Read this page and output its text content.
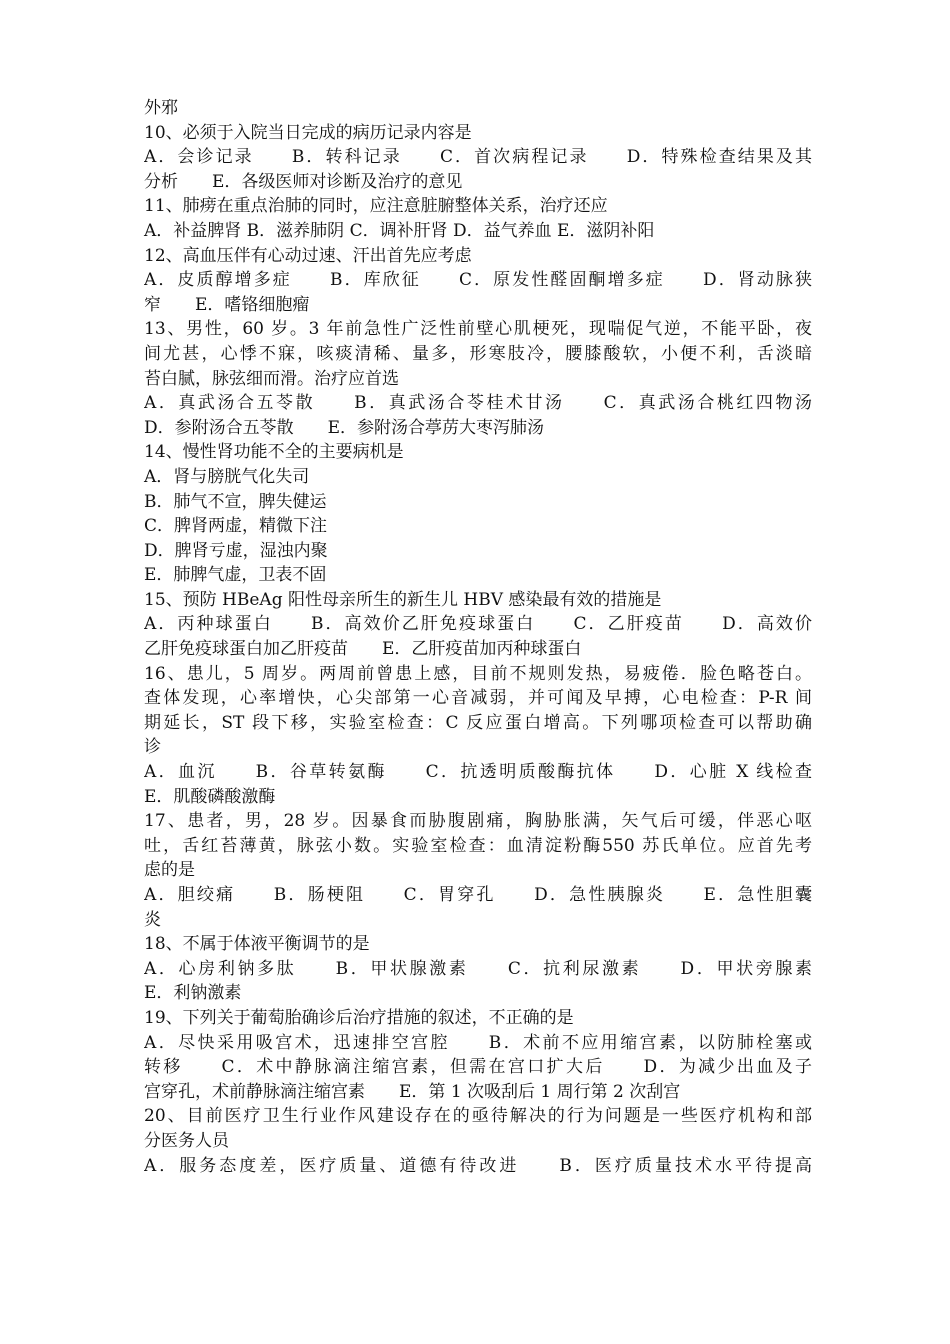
外邪
10、必须于入院当日完成的病历记录内容是
A．会诊记录　　B．转科记录　　C．首次病程记录　　D．特殊检查结果及其
分析　　E．各级医师对诊断及治疗的意见
11、肺痨在重点治肺的同时，应注意脏腑整体关系，治疗还应
A．补益脾肾 B．滋养肺阴 C．调补肝肾 D．益气养血 E．滋阴补阳
12、高血压伴有心动过速、汗出首先应考虑
A．皮质醇增多症　　B．库欣征　　C．原发性醛固酮增多症　　D．肾动脉狭
窄　　E．嗜铬细胞瘤
13、男性，60 岁。3 年前急性广泛性前壁心肌梗死，现喘促气逆，不能平卧，夜
间尤甚，心悸不寐，咳痰清稀、量多，形寒肢冷，腰膝酸软，小便不利，舌淡暗
苔白腻，脉弦细而滑。治疗应首选
A．真武汤合五苓散　　B．真武汤合苓桂术甘汤　　C．真武汤合桃红四物汤
D．参附汤合五苓散　　E．参附汤合葶苈大枣泻肺汤
14、慢性肾功能不全的主要病机是
A．肾与膀胱气化失司
B．肺气不宣，脾失健运
C．脾肾两虚，精微下注
D．脾肾亏虚，湿浊内聚
E．肺脾气虚，卫表不固
15、预防 HBeAg 阳性母亲所生的新生儿 HBV 感染最有效的措施是
A．丙种球蛋白　　B．高效价乙肝免疫球蛋白　　C．乙肝疫苗　　D．高效价
乙肝免疫球蛋白加乙肝疫苗　　E．乙肝疫苗加丙种球蛋白
16、患儿，5 周岁。两周前曾患上感，目前不规则发热，易疲倦．脸色略苍白。
查体发现，心率增快，心尖部第一心音减弱，并可闻及早搏，心电检查：P-R 间
期延长，ST 段下移，实验室检查：C 反应蛋白增高。下列哪项检查可以帮助确
诊
A．血沉　　B．谷草转氨酶　　C．抗透明质酸酶抗体　　D．心脏 X 线检查
E．肌酸磷酸激酶
17、患者，男，28 岁。因暴食而胁腹剧痛，胸胁胀满，矢气后可缓，伴恶心呕
吐，舌红苔薄黄，脉弦小数。实验室检查：血清淀粉酶550 苏氏单位。应首先考
虑的是
A．胆绞痛　　B．肠梗阻　　C．胃穿孔　　D．急性胰腺炎　　E．急性胆囊
炎
18、不属于体液平衡调节的是
A．心房利钠多肽　　B．甲状腺激素　　C．抗利尿激素　　D．甲状旁腺素
E．利钠激素
19、下列关于葡萄胎确诊后治疗措施的叙述，不正确的是
A．尽快采用吸宫术，迅速排空宫腔　　B．术前不应用缩宫素，以防肺栓塞或
转移　　C．术中静脉滴注缩宫素，但需在宫口扩大后　　D．为减少出血及子
宫穿孔，术前静脉滴注缩宫素　　E．第 1 次吸刮后 1 周行第 2 次刮宫
20、目前医疗卫生行业作风建设存在的亟待解决的行为问题是一些医疗机构和部
分医务人员
A．服务态度差，医疗质量、道德有待改进　　B．医疗质量技术水平待提高
